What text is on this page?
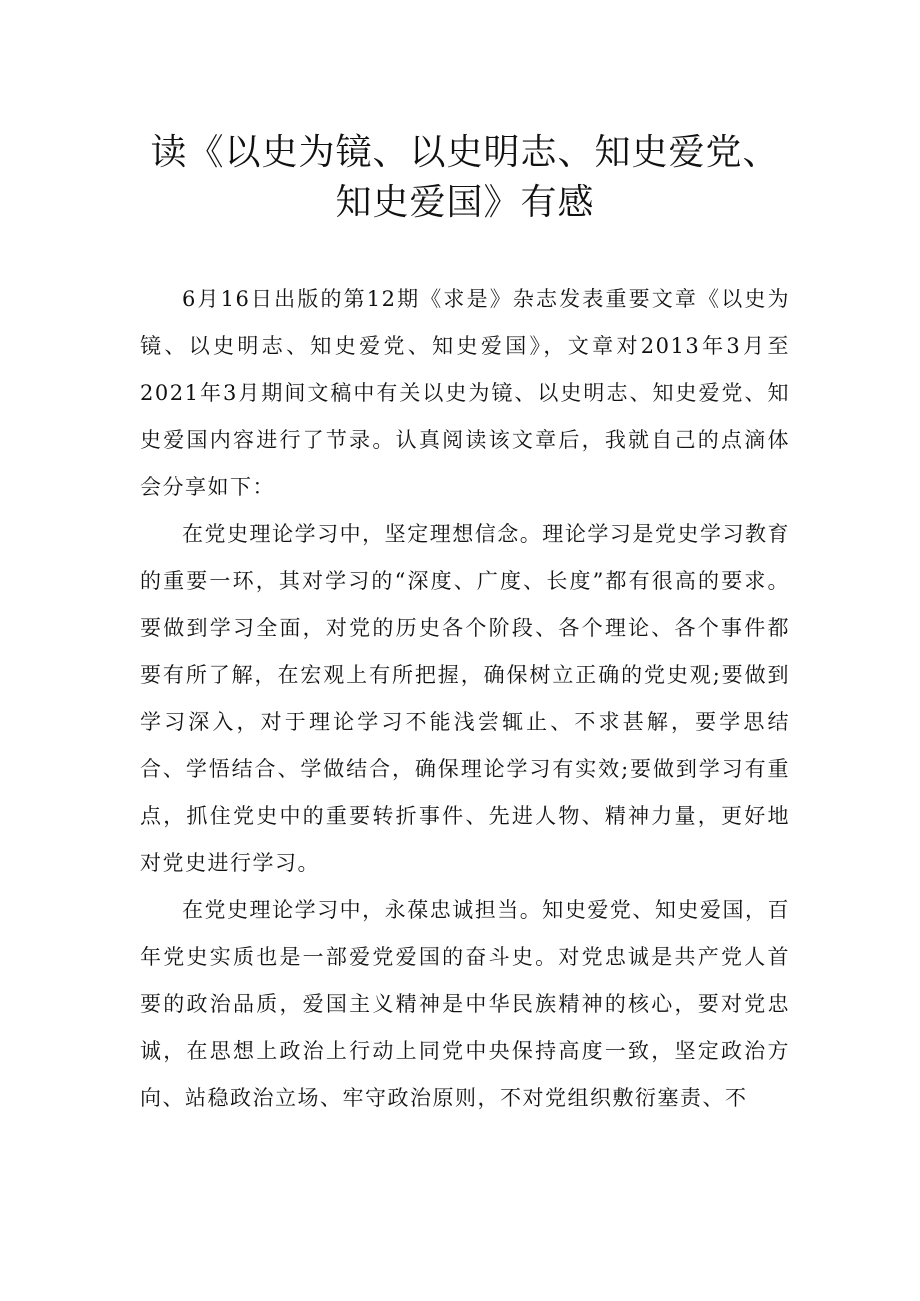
读《以史为镜、以史明志、知史爱党、知史爱国》有感

6月16日出版的第12期《求是》杂志发表重要文章《以史为镜、以史明志、知史爱党、知史爱国》，文章对2013年3月至2021年3月期间文稿中有关以史为镜、以史明志、知史爱党、知史爱国内容进行了节录。认真阅读该文章后，我就自己的点滴体会分享如下：

在党史理论学习中，坚定理想信念。理论学习是党史学习教育的重要一环，其对学习的“深度、广度、长度”都有很高的要求。要做到学习全面，对党的历史各个阶段、各个理论、各个事件都要有所了解，在宏观上有所把握，确保树立正确的党史观;要做到学习深入，对于理论学习不能浅尝辄止、不求甚解，要学思结合、学悟结合、学做结合，确保理论学习有实效;要做到学习有重点，抓住党史中的重要转折事件、先进人物、精神力量，更好地对党史进行学习。

在党史理论学习中，永葆忠诚担当。知史爱党、知史爱国，百年党史实质也是一部爱党爱国的奋斗史。对党忠诚是共产党人首要的政治品质，爱国主义精神是中华民族精神的核心，要对党忠诚，在思想上政治上行动上同党中央保持高度一致，坚定政治方向、站稳政治立场、牢守政治原则，不对党组织敷衍塞责、不
